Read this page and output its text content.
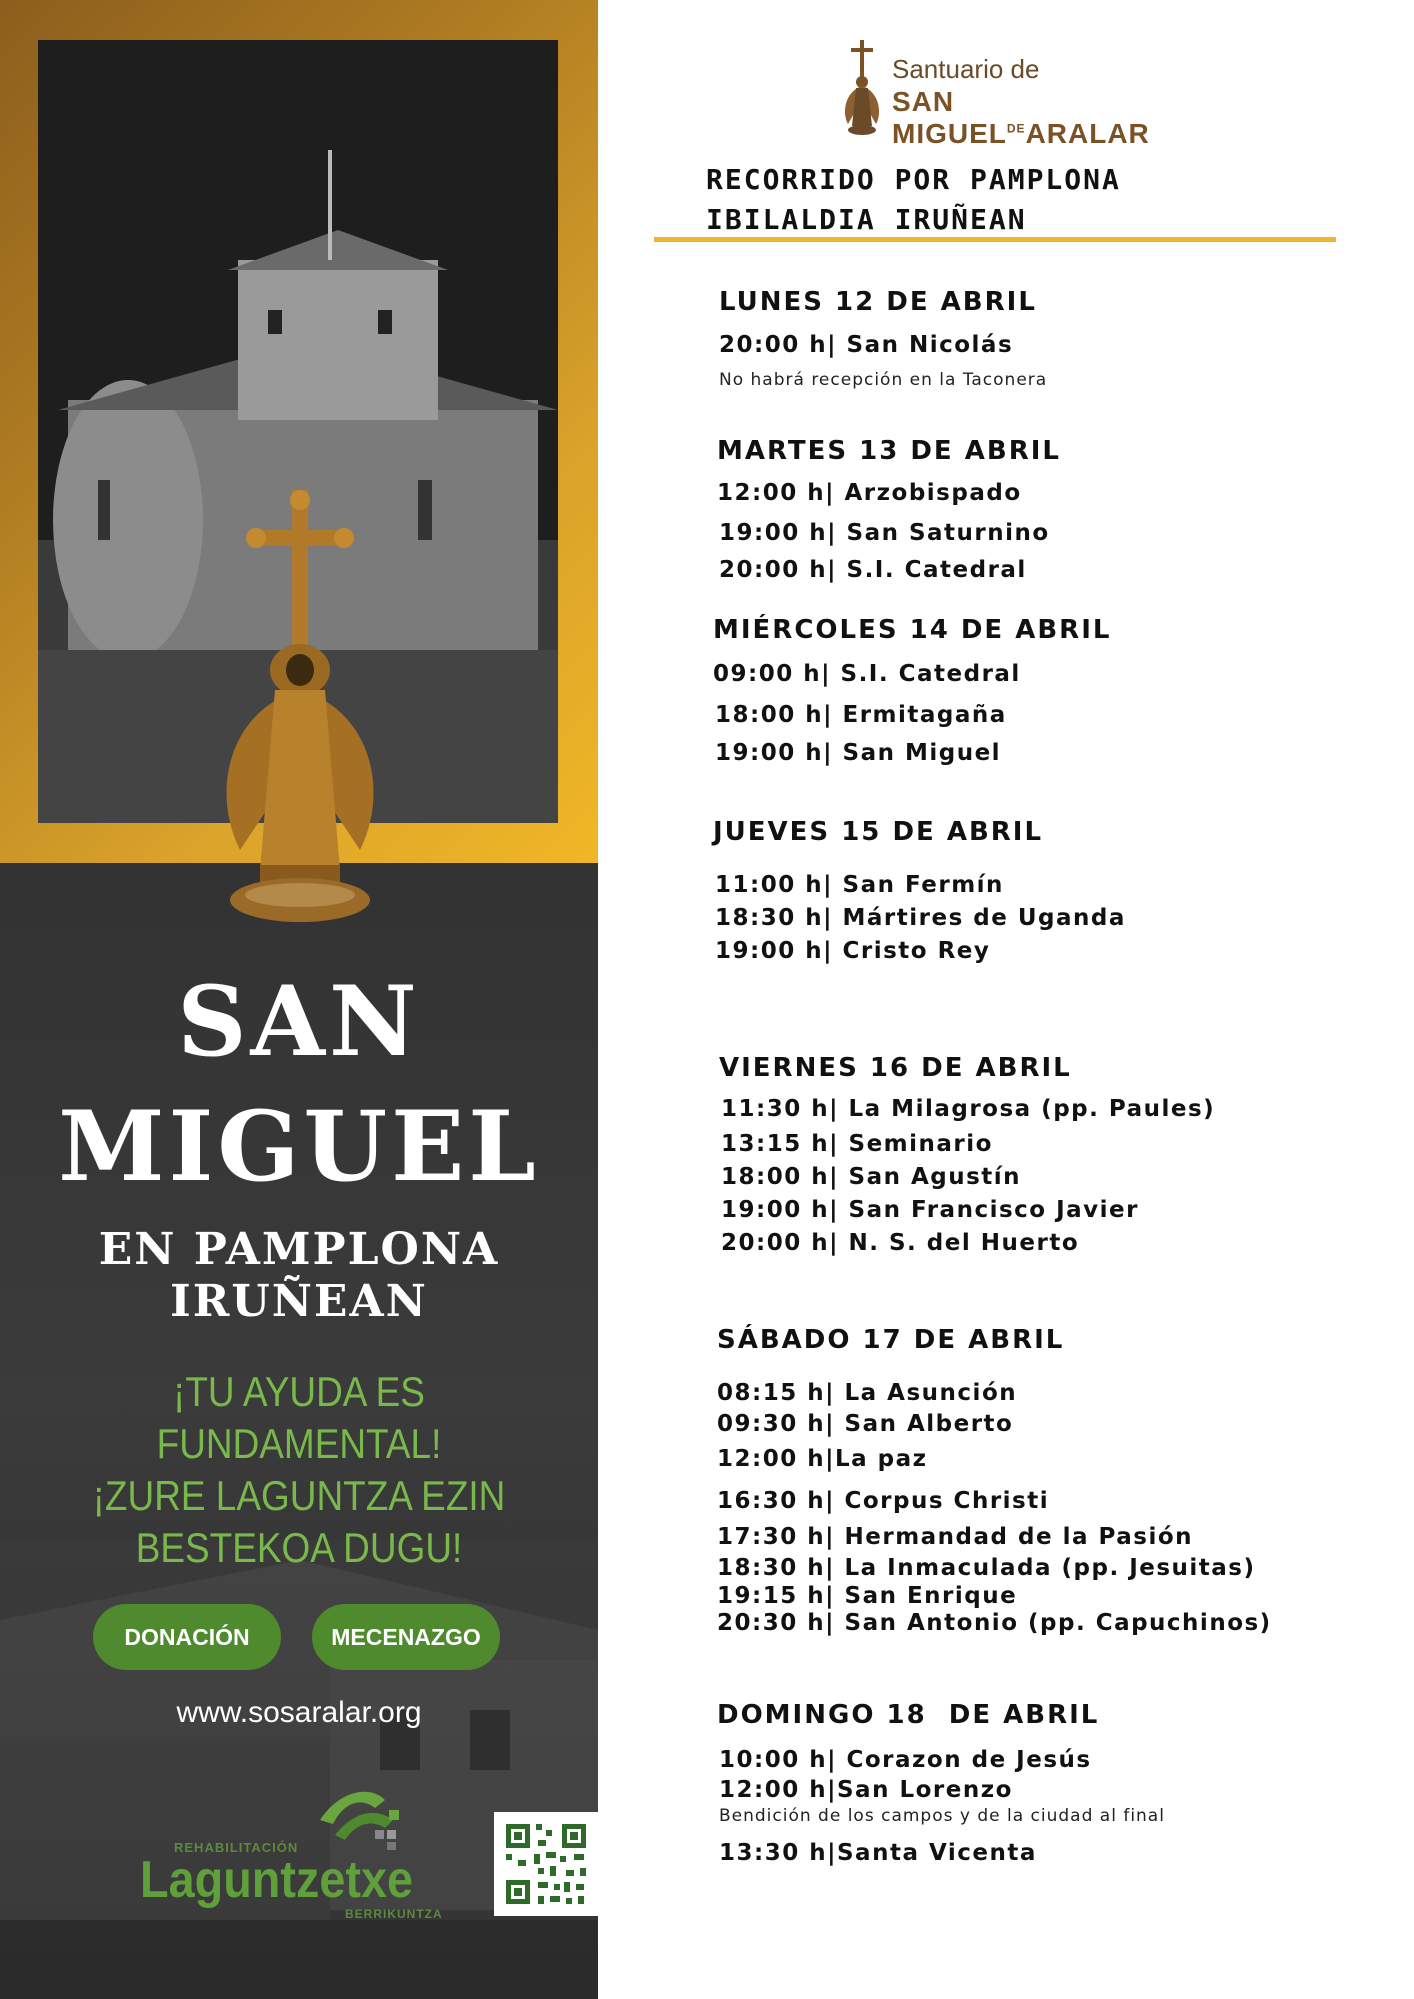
SAN
MIGUEL
EN PAMPLONA
IRUÑEAN
¡TU AYUDA ES
FUNDAMENTAL!
¡ZURE LAGUNTZA EZIN
BESTEKOA DUGU!
DONACIÓN	MECENAZGO
www.sosaralar.org
REHABILITACIÓN
Laguntzetxe
BERRIKUNTZA
Santuario de
SAN $MIGUEL^{DE}ARALAR$
RECORRIDO POR PAMPLONA
IBILALDIA IRUÑEAN
LUNES 12 DE ABRIL
20:00 h| San Nicolás
No habrá recepción en la Taconera
MARTES 13 DE ABRIL
12:00 h| Arzobispado
19:00 h| San Saturnino
20:00 h| S.I. Catedral
MIÉRCOLES 14 DE ABRIL
09:00 h| S.I. Catedral
18:00 h| Ermitagaña
19:00 h| San Miguel
JUEVES 15 DE ABRIL
11:00 h| San Fermín
18:30 h| Mártires de Uganda
19:00 h| Cristo Rey
VIERNES 16 DE ABRIL
11:30 h| La Milagrosa (pp. Paules)
13:15 h| Seminario
18:00 h| San Agustín
19:00 h| San Francisco Javier
20:00 h| N. S. del Huerto
SÁBADO 17 DE ABRIL
08:15 h| La Asunción
09:30 h| San Alberto
12:00 h|La paz
16:30 h| Corpus Christi
17:30 h| Hermandad de la Pasión
18:30 h| La Inmaculada (pp. Jesuitas)
19:15 h| San Enrique
20:30 h| San Antonio (pp. Capuchinos)
DOMINGO 18  DE ABRIL
10:00 h| Corazon de Jesús
12:00 h|San Lorenzo
Bendición de los campos y de la ciudad al final
13:30 h|Santa Vicenta
